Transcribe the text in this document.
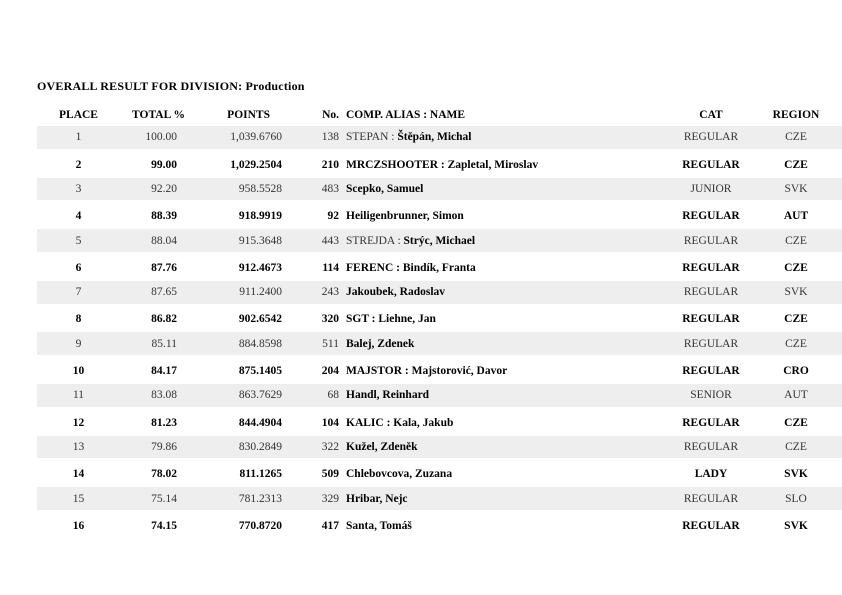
OVERALL RESULT FOR DIVISION: Production
PLACE	TOTAL %	POINTS	No. COMP. ALIAS : NAME	CAT	REGION
1	100.00	1,039.6760	138 STEPAN : Štěpán, Michal	REGULAR	CZE
2	99.00	1,029.2504	210 MRCZSHOOTER : Zapletal, Miroslav	REGULAR	CZE
3	92.20	958.5528	483 Scepko, Samuel	JUNIOR	SVK
4	88.39	918.9919	92 Heiligenbrunner, Simon	REGULAR	AUT
5	88.04	915.3648	443 STREJDA : Strýc, Michael	REGULAR	CZE
6	87.76	912.4673	114 FERENC : Bindík, Franta	REGULAR	CZE
7	87.65	911.2400	243 Jakoubek, Radoslav	REGULAR	SVK
8	86.82	902.6542	320 SGT : Liehne, Jan	REGULAR	CZE
9	85.11	884.8598	511 Balej, Zdenek	REGULAR	CZE
10	84.17	875.1405	204 MAJSTOR : Majstorović, Davor	REGULAR	CRO
11	83.08	863.7629	68 Handl, Reinhard	SENIOR	AUT
12	81.23	844.4904	104 KALIC : Kala, Jakub	REGULAR	CZE
13	79.86	830.2849	322 Kužel, Zdeněk	REGULAR	CZE
14	78.02	811.1265	509 Chlebovcova, Zuzana	LADY	SVK
15	75.14	781.2313	329 Hribar, Nejc	REGULAR	SLO
16	74.15	770.8720	417 Santa, Tomáš	REGULAR	SVK
